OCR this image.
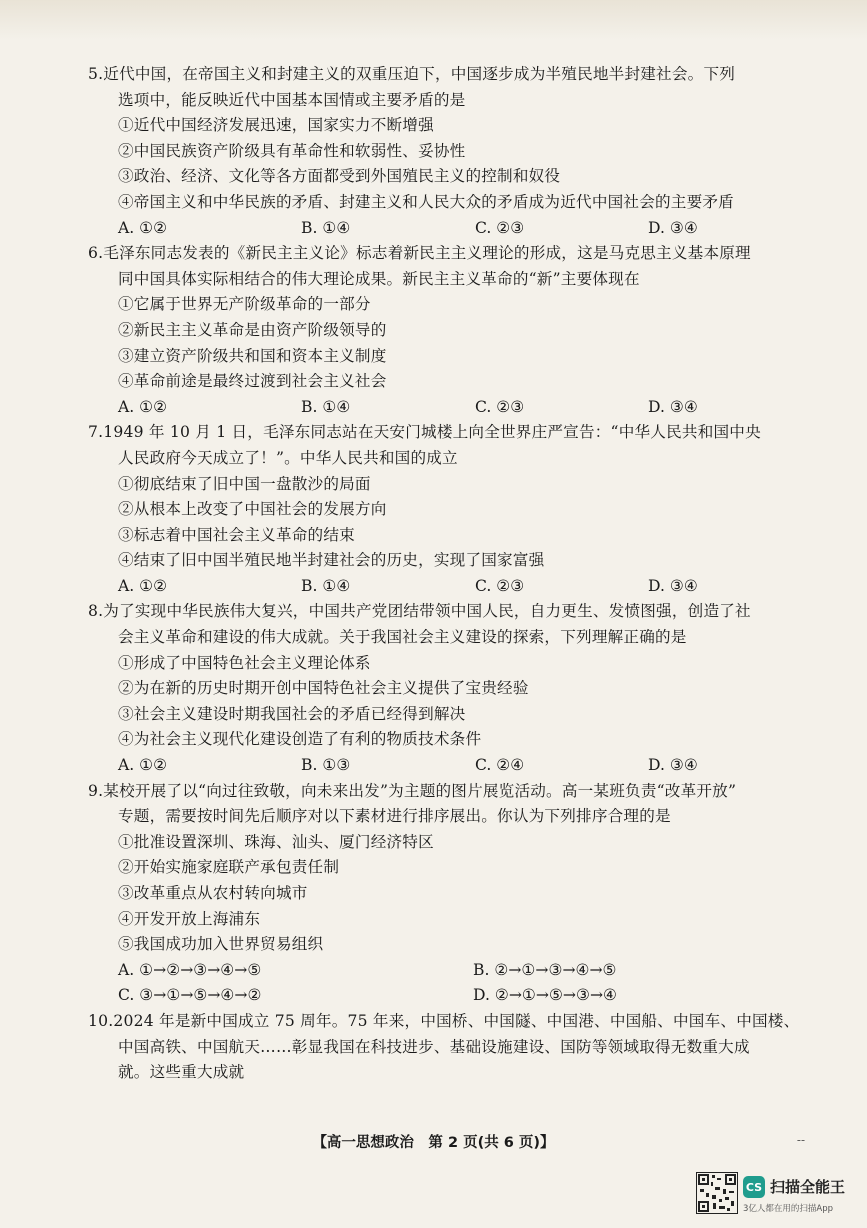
5.近代中国，在帝国主义和封建主义的双重压迫下，中国逐步成为半殖民地半封建社会。下列
选项中，能反映近代中国基本国情或主要矛盾的是
①近代中国经济发展迅速，国家实力不断增强
②中国民族资产阶级具有革命性和软弱性、妥协性
③政治、经济、文化等各方面都受到外国殖民主义的控制和奴役
④帝国主义和中华民族的矛盾、封建主义和人民大众的矛盾成为近代中国社会的主要矛盾
A. ①②	B. ①④	C. ②③	D. ③④
6.毛泽东同志发表的《新民主主义论》标志着新民主主义理论的形成，这是马克思主义基本原理
同中国具体实际相结合的伟大理论成果。新民主主义革命的“新”主要体现在
①它属于世界无产阶级革命的一部分
②新民主主义革命是由资产阶级领导的
③建立资产阶级共和国和资本主义制度
④革命前途是最终过渡到社会主义社会
A. ①②	B. ①④	C. ②③	D. ③④
7.1949 年 10 月 1 日，毛泽东同志站在天安门城楼上向全世界庄严宣告：“中华人民共和国中央
人民政府今天成立了！”。中华人民共和国的成立
①彻底结束了旧中国一盘散沙的局面
②从根本上改变了中国社会的发展方向
③标志着中国社会主义革命的结束
④结束了旧中国半殖民地半封建社会的历史，实现了国家富强
A. ①②	B. ①④	C. ②③	D. ③④
8.为了实现中华民族伟大复兴，中国共产党团结带领中国人民，自力更生、发愤图强，创造了社
会主义革命和建设的伟大成就。关于我国社会主义建设的探索，下列理解正确的是
①形成了中国特色社会主义理论体系
②为在新的历史时期开创中国特色社会主义提供了宝贵经验
③社会主义建设时期我国社会的矛盾已经得到解决
④为社会主义现代化建设创造了有利的物质技术条件
A. ①②	B. ①③	C. ②④	D. ③④
9.某校开展了以“向过往致敬，向未来出发”为主题的图片展览活动。高一某班负责“改革开放”
专题，需要按时间先后顺序对以下素材进行排序展出。你认为下列排序合理的是
①批准设置深圳、珠海、汕头、厦门经济特区
②开始实施家庭联产承包责任制
③改革重点从农村转向城市
④开发开放上海浦东
⑤我国成功加入世界贸易组织
A. ①→②→③→④→⑤	B. ②→①→③→④→⑤
C. ③→①→⑤→④→②	D. ②→①→⑤→③→④
10.2024 年是新中国成立 75 周年。75 年来，中国桥、中国隧、中国港、中国船、中国车、中国楼、
中国高铁、中国航天……彰显我国在科技进步、基础设施建设、国防等领域取得无数重大成
就。这些重大成就
【高一思想政治　第 2 页(共 6 页)】	--
CS 扫描全能王
3亿人都在用的扫描App
